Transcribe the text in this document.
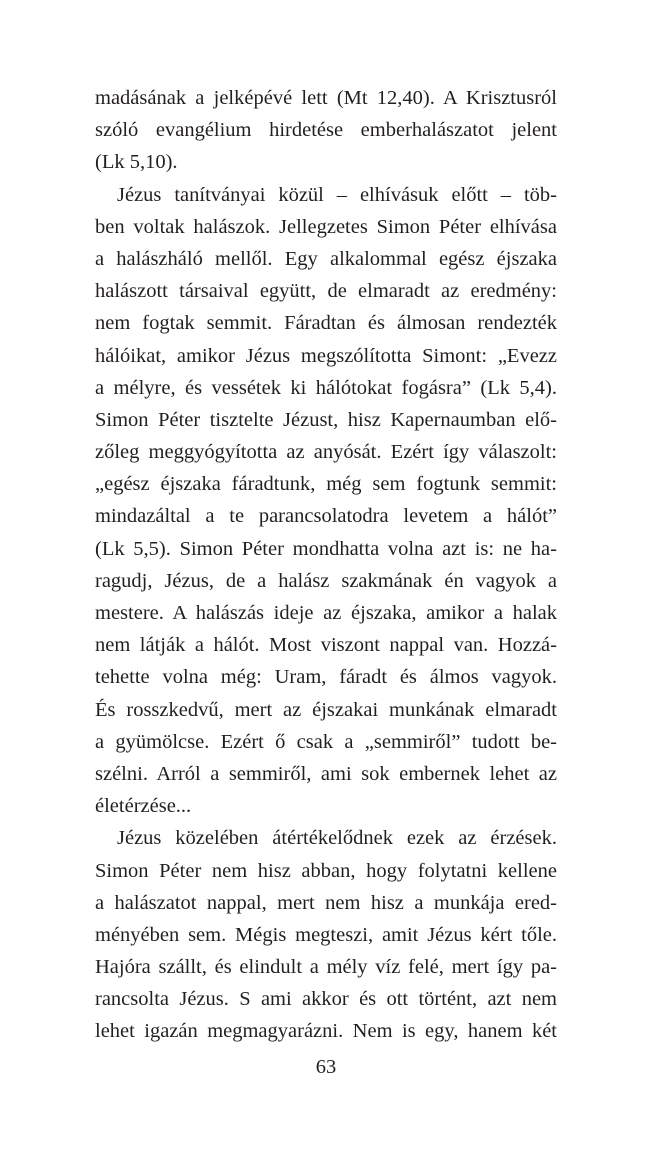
madásának a jelképévé lett (Mt 12,40). A Krisztusról
szóló evangélium hirdetése emberhalászatot jelent
(Lk 5,10).
Jézus tanítványai közül – elhívásuk előtt – töb-
ben voltak halászok. Jellegzetes Simon Péter elhívása
a halászháló mellől. Egy alkalommal egész éjszaka
halászott társaival együtt, de elmaradt az eredmény:
nem fogtak semmit. Fáradtan és álmosan rendezték
hálóikat, amikor Jézus megszólította Simont: „Evezz
a mélyre, és vessétek ki hálótokat fogásra” (Lk 5,4).
Simon Péter tisztelte Jézust, hisz Kapernaumban elő-
zőleg meggyógyította az anyósát. Ezért így válaszolt:
„egész éjszaka fáradtunk, még sem fogtunk semmit:
mindazáltal a te parancsolatodra levetem a hálót”
(Lk 5,5). Simon Péter mondhatta volna azt is: ne ha-
ragudj, Jézus, de a halász szakmának én vagyok a
mestere. A halászás ideje az éjszaka, amikor a halak
nem látják a hálót. Most viszont nappal van. Hozzá-
tehette volna még: Uram, fáradt és álmos vagyok.
És rosszkedvű, mert az éjszakai munkának elmaradt
a gyümölcse. Ezért ő csak a „semmiről” tudott be-
szélni. Arról a semmiről, ami sok embernek lehet az
életérzése...
Jézus közelében átértékelődnek ezek az érzések.
Simon Péter nem hisz abban, hogy folytatni kellene
a halászatot nappal, mert nem hisz a munkája ered-
ményében sem. Mégis megteszi, amit Jézus kért tőle.
Hajóra szállt, és elindult a mély víz felé, mert így pa-
rancsolta Jézus. S ami akkor és ott történt, azt nem
lehet igazán megmagyarázni. Nem is egy, hanem két
63
